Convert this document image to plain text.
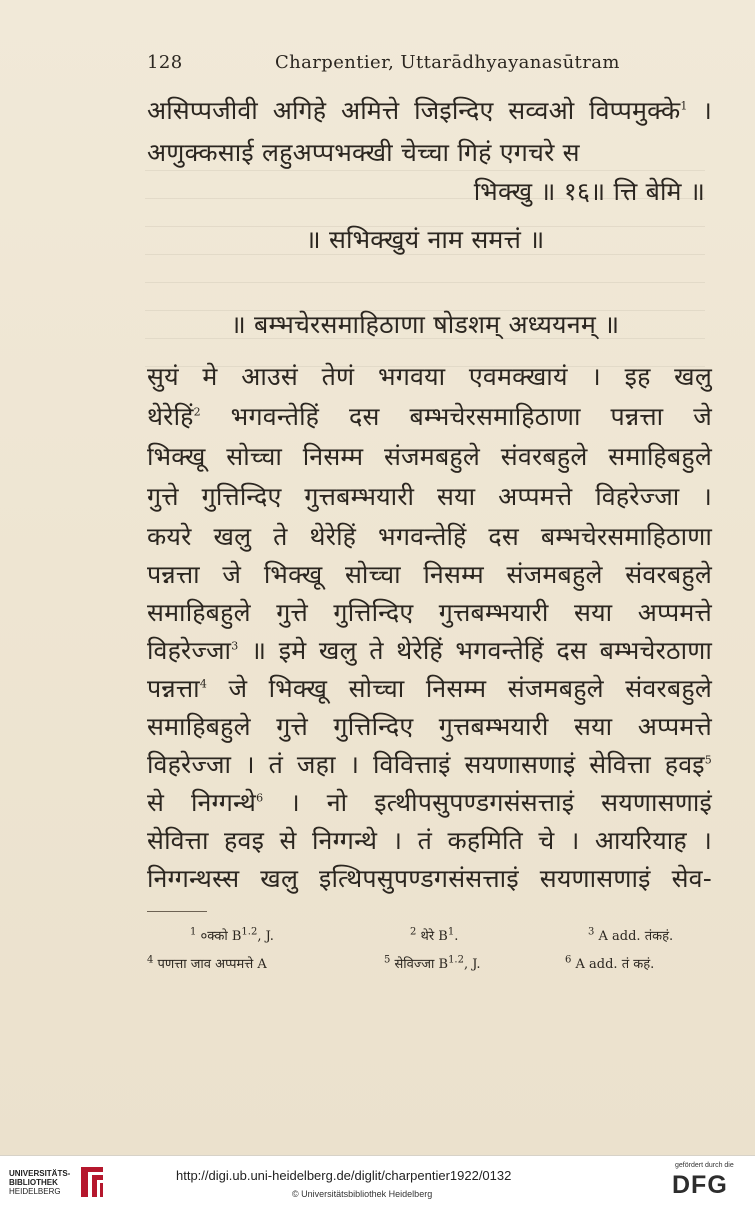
128	Charpentier, Uttarādhyayanasūtram
असिप्पजीवी अगिहे अमित्ते जिइन्दिए सव्वओ विप्पमुक्के$^1$ ।
अणुक्कसाई लहुअप्पभक्खी चेच्चा गिहं एगचरे स
भिक्खु ॥ १६॥ त्ति बेमि ॥
॥ सभिक्खुयं नाम समत्तं ॥
॥ बम्भचेरसमाहिठाणा षोडशम् अध्ययनम् ॥
सुयं मे आउसं तेणं भगवया एवमक्खायं । इह खलु
थेरेहिं$^2$ भगवन्तेहिं दस बम्भचेरसमाहिठाणा पन्नत्ता जे
भिक्खू सोच्चा निसम्म संजमबहुले संवरबहुले समाहिबहुले
गुत्ते गुत्तिन्दिए गुत्तबम्भयारी सया अप्पमत्ते विहरेज्जा ।
कयरे खलु ते थेरेहिं भगवन्तेहिं दस बम्भचेरसमाहिठाणा
पन्नत्ता जे भिक्खू सोच्चा निसम्म संजमबहुले संवरबहुले
समाहिबहुले गुत्ते गुत्तिन्दिए गुत्तबम्भयारी सया अप्पमत्ते
विहरेज्जा$^3$ ॥ इमे खलु ते थेरेहिं भगवन्तेहिं दस बम्भचेरठाणा
पन्नत्ता$^4$ जे भिक्खू सोच्चा निसम्म संजमबहुले संवरबहुले
समाहिबहुले गुत्ते गुत्तिन्दिए गुत्तबम्भयारी सया अप्पमत्ते
विहरेज्जा । तं जहा । विवित्ताइं सयणासणाइं सेवित्ता हवइ$^5$
से निग्गन्थे$^6$ । नो इत्थीपसुपण्डगसंसत्ताइं सयणासणाइं
सेवित्ता हवइ से निग्गन्थे । तं कहमिति चे । आयरियाह ।
निग्गन्थस्स खलु इत्थिपसुपण्डगसंसत्ताइं सयणासणाइं सेव-
$^1$ ०क्को $B^{1.2}$, J.	$^2$ थेरे $B^1$.	$^3$ A add. तंकहं.
$^4$ पणत्ता जाव अप्पमत्ते A	$^5$ सेविज्जा $B^{1.2}$, J.	$^6$ A add. तं कहं.
UNIVERSITÄTS-
BIBLIOTHEK
HEIDELBERG
http://digi.ub.uni-heidelberg.de/diglit/charpentier1922/0132
© Universitätsbibliothek Heidelberg
gefördert durch die
DFG
